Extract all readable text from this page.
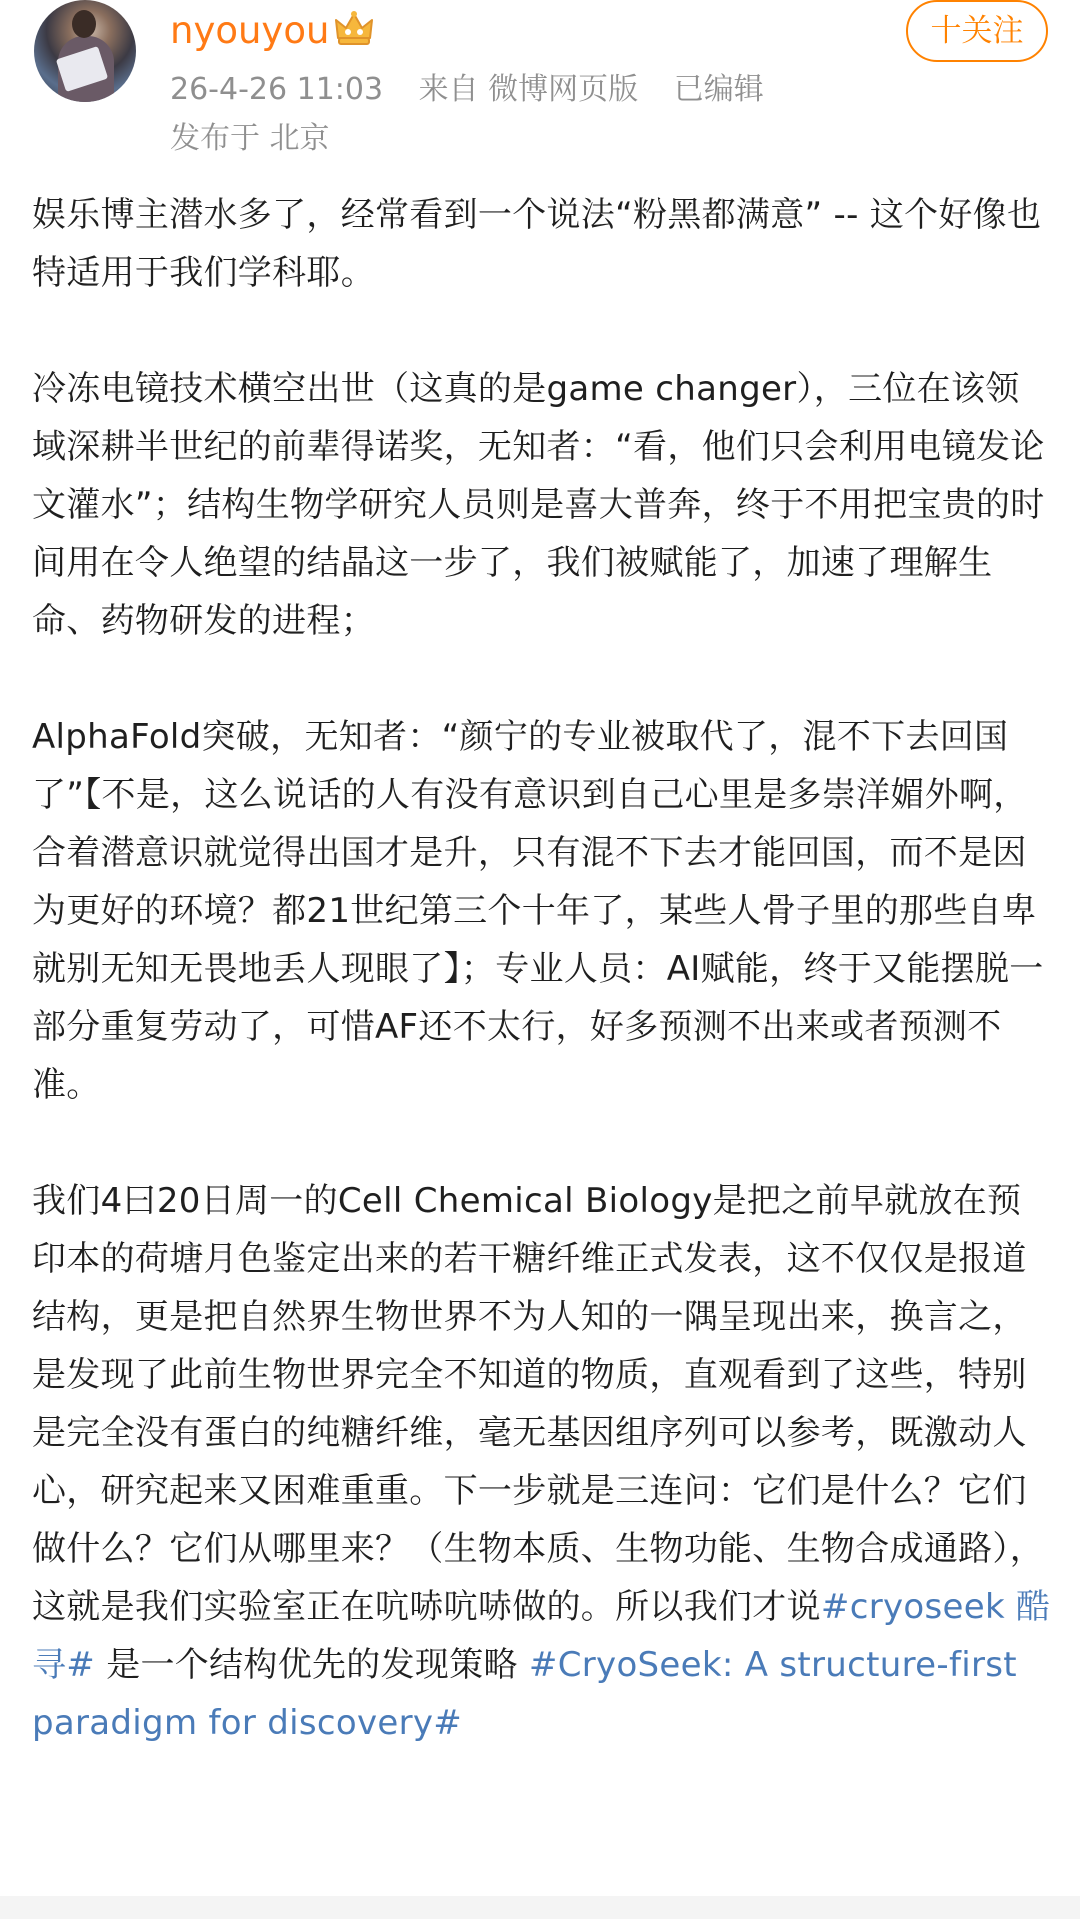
nyouyou
26-4-26 11:03 来自 微博网页版 已编辑
发布于 北京
十关注

娱乐博主潜水多了，经常看到一个说法“粉黑都满意” -- 这个好像也特适用于我们学科耶。

冷冻电镜技术横空出世（这真的是game changer），三位在该领域深耕半世纪的前辈得诺奖，无知者：“看，他们只会利用电镜发论文灌水”；结构生物学研究人员则是喜大普奔，终于不用把宝贵的时间用在令人绝望的结晶这一步了，我们被赋能了，加速了理解生命、药物研发的进程；

AlphaFold突破，无知者：“颜宁的专业被取代了，混不下去回国了”【不是，这么说话的人有没有意识到自己心里是多崇洋媚外啊，合着潜意识就觉得出国才是升，只有混不下去才能回国，而不是因为更好的环境？都21世纪第三个十年了，某些人骨子里的那些自卑就别无知无畏地丢人现眼了】；专业人员：AI赋能，终于又能摆脱一部分重复劳动了，可惜AF还不太行，好多预测不出来或者预测不准。

我们4曰20日周一的Cell Chemical Biology是把之前早就放在预印本的荷塘月色鉴定出来的若干糖纤维正式发表，这不仅仅是报道结构，更是把自然界生物世界不为人知的一隅呈现出来，换言之，是发现了此前生物世界完全不知道的物质，直观看到了这些，特别是完全没有蛋白的纯糖纤维，毫无基因组序列可以参考，既激动人心，研究起来又困难重重。下一步就是三连问：它们是什么？它们做什么？它们从哪里来？（生物本质、生物功能、生物合成通路），这就是我们实验室正在吭哧吭哧做的。所以我们才说#cryoseek 酷寻# 是一个结构优先的发现策略 #CryoSeek: A structure-first paradigm for discovery#
